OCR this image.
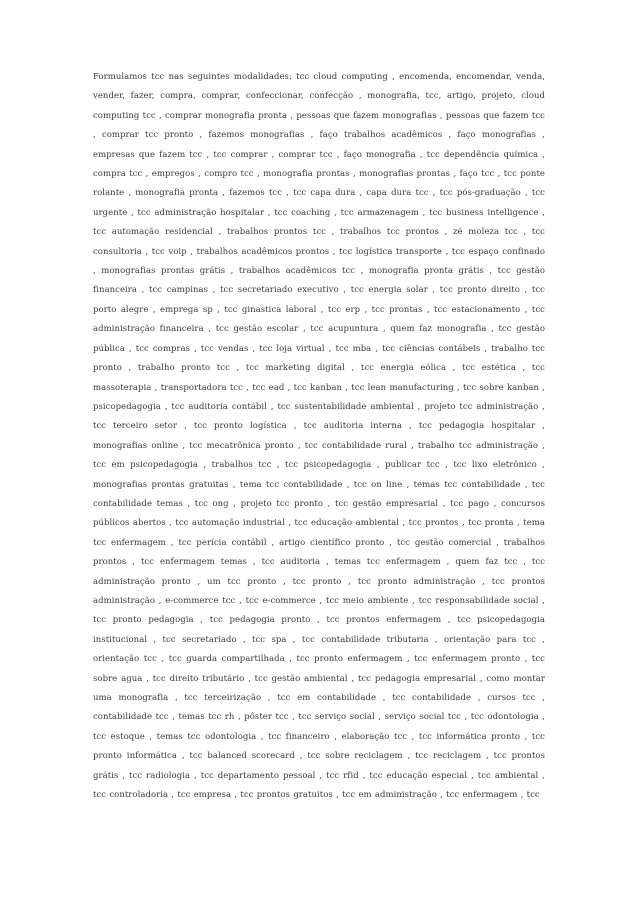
Formulamos tcc nas seguintes modalidades: tcc cloud computing , encomenda, encomendar, venda, vender, fazer, compra, comprar, confeccionar, confecção , monografia, tcc, artigo, projeto, cloud computing tcc , comprar monografia pronta , pessoas que fazem monografias , pessoas que fazem tcc , comprar tcc pronto , fazemos monografias , faço trabalhos acadêmicos , faço monografias , empresas que fazem tcc , tcc comprar , comprar tcc , faço monografia , tcc dependência química , compra tcc , empregos , compro tcc , monografia prontas , monografias prontas , faço tcc , tcc ponte rolante , monografia pronta , fazemos tcc , tcc capa dura , capa dura tcc , tcc pós-graduação , tcc urgente , tcc administração hospitalar , tcc coaching , tcc armazenagem , tcc business intelligence , tcc automação residencial , trabalhos prontos tcc , trabalhos tcc prontos , zé moleza tcc , tcc consultoria , tcc voip , trabalhos acadêmicos prontos , tcc logística transporte , tcc espaço confinado , monografias prontas grátis , trabalhos acadêmicos tcc , monografia pronta grátis , tcc gestão financeira , tcc campinas , tcc secretariado executivo , tcc energia solar , tcc pronto direito , tcc porto alegre , emprega sp , tcc ginastica laboral , tcc erp , tcc prontas , tcc estacionamento , tcc administração financeira , tcc gestão escolar , tcc acupuntura , quem faz monografia , tcc gestão pública , tcc compras , tcc vendas , tcc loja virtual , tcc mba , tcc ciências contábeis , trabalho tcc pronto , trabalho pronto tcc , tcc marketing digital , tcc energia eólica , tcc estética , tcc massoterapia , transportadora tcc , tcc ead , tcc kanban , tcc lean manufacturing , tcc sobre kanban , psicopedagogia , tcc auditoria contábil , tcc sustentabilidade ambiental , projeto tcc administração , tcc terceiro setor , tcc pronto logística , tcc auditoria interna , tcc pedagogia hospitalar , monografias online , tcc mecatrônica pronto , tcc contabilidade rural , trabalho tcc administração , tcc em psicopedagogia , trabalhos tcc , tcc psicopedagogia , publicar tcc , tcc lixo eletrônico , monografias prontas gratuitas , tema tcc contabilidade , tcc on line , temas tcc contabilidade , tcc contabilidade temas , tcc ong , projeto tcc pronto , tcc gestão empresarial , tcc pago , concursos públicos abertos , tcc automação industrial , tcc educação ambiental , tcc prontos , tcc pronta , tema tcc enfermagem , tcc perícia contábil , artigo científico pronto , tcc gestão comercial , trabalhos prontos , tcc enfermagem temas , tcc auditoria , temas tcc enfermagem , quem faz tcc , tcc administração pronto , um tcc pronto , tcc pronto , tcc pronto administração , tcc prontos administração , e-commerce tcc , tcc e-commerce , tcc meio ambiente , tcc responsabilidade social , tcc pronto pedagogia , tcc pedagogia pronto , tcc prontos enfermagem , tcc psicopedagogia institucional , tcc secretariado , tcc spa , tcc contabilidade tributaria , orientação para tcc , orientação tcc , tcc guarda compartilhada , tcc pronto enfermagem , tcc enfermagem pronto , tcc sobre agua , tcc direito tributário , tcc gestão ambiental , tcc pedagogia empresarial , como montar uma monografia , tcc terceirização , tcc em contabilidade , tcc contabilidade , cursos tcc , contabilidade tcc , temas tcc rh , pôster tcc , tcc serviço social , serviço social tcc , tcc odontologia , tcc estoque , temas tcc odontologia , tcc financeiro , elaboração tcc , tcc informática pronto , tcc pronto informática , tcc balanced scorecard , tcc sobre reciclagem , tcc reciclagem , tcc prontos grátis , tcc radiologia , tcc departamento pessoal , tcc rfid , tcc educação especial , tcc ambiental , tcc controladoria , tcc empresa , tcc prontos gratuitos , tcc em administração , tcc enfermagem , tcc
